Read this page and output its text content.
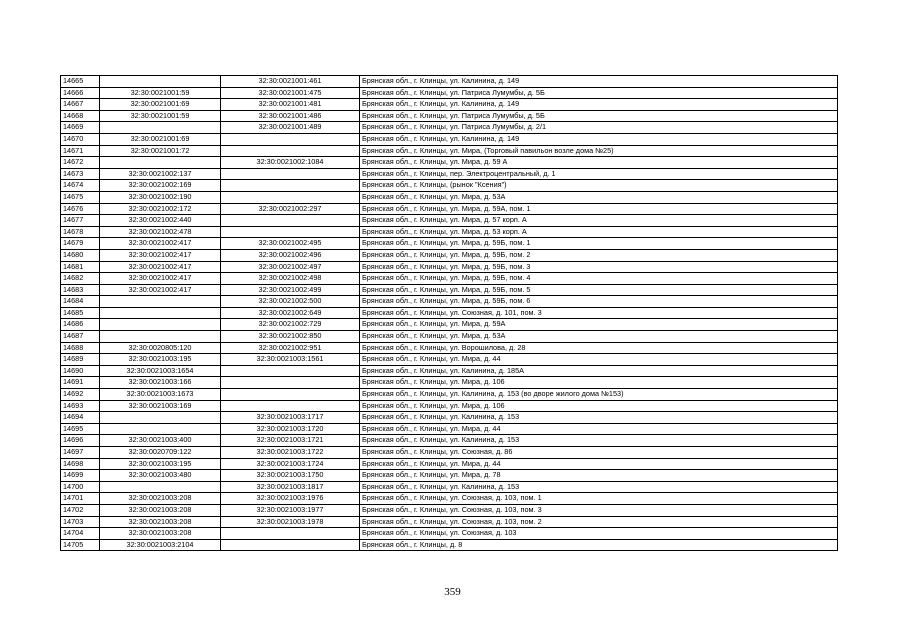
14665		32:30:0021001:461	Брянская обл., г. Клинцы, ул. Калинина, д. 149
14666	32:30:0021001:59	32:30:0021001:475	Брянская обл., г. Клинцы, ул. Патриса Лумумбы, д. 5Б
14667	32:30:0021001:69	32:30:0021001:481	Брянская обл., г. Клинцы, ул. Калинина, д. 149
14668	32:30:0021001:59	32:30:0021001:486	Брянская обл., г. Клинцы, ул. Патриса Лумумбы, д. 5Б
14669		32:30:0021001:489	Брянская обл., г. Клинцы, ул. Патриса Лумумбы, д. 2/1
14670	32:30:0021001:69		Брянская обл., г. Клинцы, ул. Калинина, д. 149
14671	32:30:0021001:72		Брянская обл., г. Клинцы, ул. Мира, (Торговый павильон возле дома №25)
14672		32:30:0021002:1084	Брянская обл., г. Клинцы, ул. Мира, д. 59 А
14673	32:30:0021002:137		Брянская обл., г. Клинцы, пер. Электроцентральный, д. 1
14674	32:30:0021002:169		Брянская обл., г. Клинцы, (рынок "Ксения")
14675	32:30:0021002:190		Брянская обл., г. Клинцы, ул. Мира, д. 53А
14676	32:30:0021002:172	32:30:0021002:297	Брянская обл., г. Клинцы, ул. Мира, д. 59А, пом. 1
14677	32:30:0021002:440		Брянская обл., г. Клинцы, ул. Мира, д. 57 корп. А
14678	32:30:0021002:478		Брянская обл., г. Клинцы, ул. Мира, д. 53 корп. А
14679	32:30:0021002:417	32:30:0021002:495	Брянская обл., г. Клинцы, ул. Мира, д. 59Б, пом. 1
14680	32:30:0021002:417	32:30:0021002:496	Брянская обл., г. Клинцы, ул. Мира, д. 59Б, пом. 2
14681	32:30:0021002:417	32:30:0021002:497	Брянская обл., г. Клинцы, ул. Мира, д. 59Б, пом. 3
14682	32:30:0021002:417	32:30:0021002:498	Брянская обл., г. Клинцы, ул. Мира, д. 59Б, пом. 4
14683	32:30:0021002:417	32:30:0021002:499	Брянская обл., г. Клинцы, ул. Мира, д. 59Б, пом. 5
14684		32:30:0021002:500	Брянская обл., г. Клинцы, ул. Мира, д. 59Б, пом. 6
14685		32:30:0021002:649	Брянская обл., г. Клинцы, ул. Союзная, д. 101, пом. 3
14686		32:30:0021002:729	Брянская обл., г. Клинцы, ул. Мира, д. 59А
14687		32:30:0021002:850	Брянская обл., г. Клинцы, ул. Мира, д. 53А
14688	32:30:0020805:120	32:30:0021002:951	Брянская обл., г. Клинцы, ул. Ворошилова, д. 28
14689	32:30:0021003:195	32:30:0021003:1561	Брянская обл., г. Клинцы, ул. Мира, д. 44
14690	32:30:0021003:1654		Брянская обл., г. Клинцы, ул. Калинина, д. 185А
14691	32:30:0021003:166		Брянская обл., г. Клинцы, ул. Мира, д. 106
14692	32:30:0021003:1673		Брянская обл., г. Клинцы, ул. Калинина, д. 153 (во дворе жилого дома №153)
14693	32:30:0021003:169		Брянская обл., г. Клинцы, ул. Мира, д. 106
14694		32:30:0021003:1717	Брянская обл., г. Клинцы, ул. Калинина, д. 153
14695		32:30:0021003:1720	Брянская обл., г. Клинцы, ул. Мира, д. 44
14696	32:30:0021003:400	32:30:0021003:1721	Брянская обл., г. Клинцы, ул. Калинина, д. 153
14697	32:30:0020709:122	32:30:0021003:1722	Брянская обл., г. Клинцы, ул. Союзная, д. 86
14698	32:30:0021003:195	32:30:0021003:1724	Брянская обл., г. Клинцы, ул. Мира, д. 44
14699	32:30:0021003:480	32:30:0021003:1750	Брянская обл., г. Клинцы, ул. Мира, д. 78
14700		32:30:0021003:1817	Брянская обл., г. Клинцы, ул. Калинина, д. 153
14701	32:30:0021003:208	32:30:0021003:1976	Брянская обл., г. Клинцы, ул. Союзная, д. 103, пом. 1
14702	32:30:0021003:208	32:30:0021003:1977	Брянская обл., г. Клинцы, ул. Союзная, д. 103, пом. 3
14703	32:30:0021003:208	32:30:0021003:1978	Брянская обл., г. Клинцы, ул. Союзная, д. 103, пом. 2
14704	32:30:0021003:208		Брянская обл., г. Клинцы, ул. Союзная, д. 103
14705	32:30:0021003:2104		Брянская обл., г. Клинцы, д. 8
359
